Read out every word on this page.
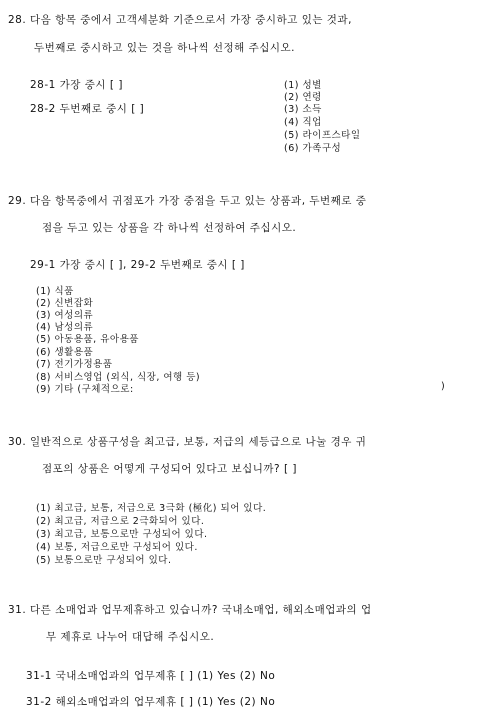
28. 다음 항목 중에서 고객세분화 기준으로서 가장 중시하고 있는 것과,
두번째로 중시하고 있는 것을 하나씩 선정해 주십시오.
28-1 가장 중시 [ ]
28-2 두번째로 중시 [ ]
(1) 성별
(2) 연령
(3) 소득
(4) 직업
(5) 라이프스타일
(6) 가족구성
29. 다음 항목중에서 귀점포가 가장 중점을 두고 있는 상품과, 두번째로 중
점을 두고 있는 상품을 각 하나씩 선정하여 주십시오.
29-1 가장 중시 [ ], 29-2 두번째로 중시 [ ]
(1) 식품
(2) 신변잡화
(3) 여성의류
(4) 남성의류
(5) 아동용품, 유아용품
(6) 생활용품
(7) 전기가정용품
(8) 서비스영업 (외식, 식장, 여행 등)
(9) 기타 (구체적으로:	)
30. 일반적으로 상품구성을 최고급, 보통, 저급의 세등급으로 나눌 경우 귀
점포의 상품은 어떻게 구성되어 있다고 보십니까? [ ]
(1) 최고급, 보통, 저급으로 3극화 (極化) 되어 있다.
(2) 최고급, 저급으로 2극화되어 있다.
(3) 최고급, 보통으로만 구성되어 있다.
(4) 보통, 저급으로만 구성되어 있다.
(5) 보통으로만 구성되어 있다.
31. 다른 소매업과 업무제휴하고 있습니까? 국내소매업, 해외소매업과의 업
무 제휴로 나누어 대답해 주십시오.
31-1 국내소매업과의 업무제휴 [ ] (1) Yes (2) No
31-2 해외소매업과의 업무제휴 [ ] (1) Yes (2) No
